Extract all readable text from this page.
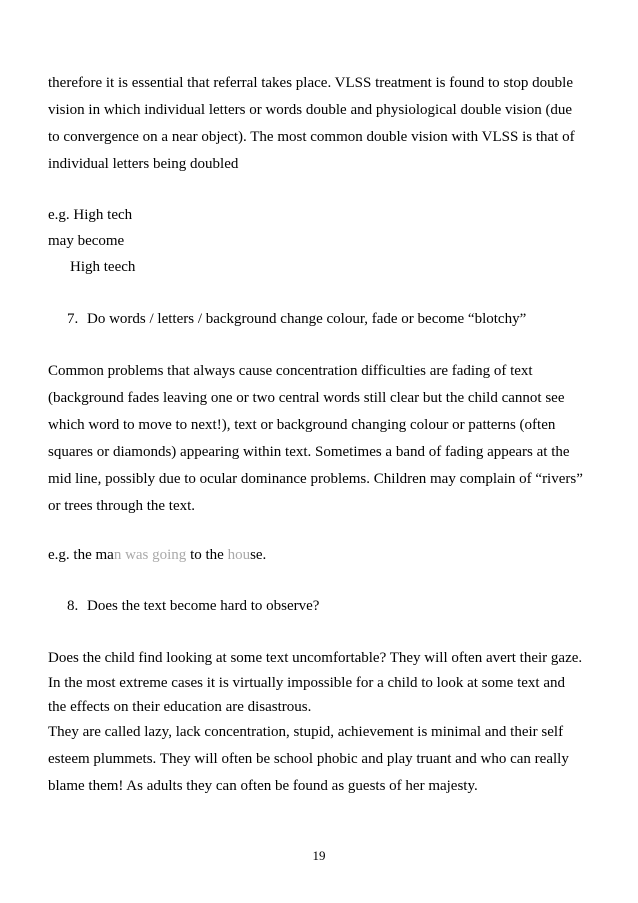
therefore it is essential that referral takes place. VLSS treatment is found to stop double
vision in which individual letters or words double and physiological double vision (due
to convergence on a near object). The most common double vision with VLSS is that of
individual letters being doubled
e.g. High tech
may become
High teech
7. Do words / letters / background change colour, fade or become “blotchy”
Common problems that always cause concentration difficulties are fading of text
(background fades leaving one or two central words still clear but the child cannot see
which word to move to next!), text or background changing colour or patterns (often
squares or diamonds) appearing within text. Sometimes a band of fading appears at the
mid line, possibly due to ocular dominance problems. Children may complain of “rivers”
or trees through the text.
e.g. the man was going to the house.
8. Does the text become hard to observe?
Does the child find looking at some text uncomfortable? They will often avert their gaze.
In the most extreme cases it is virtually impossible for a child to look at some text and
the effects on their education are disastrous.
They are called lazy, lack concentration, stupid, achievement is minimal and their self
esteem plummets. They will often be school phobic and play truant and who can really
blame them! As adults they can often be found as guests of her majesty.
19
